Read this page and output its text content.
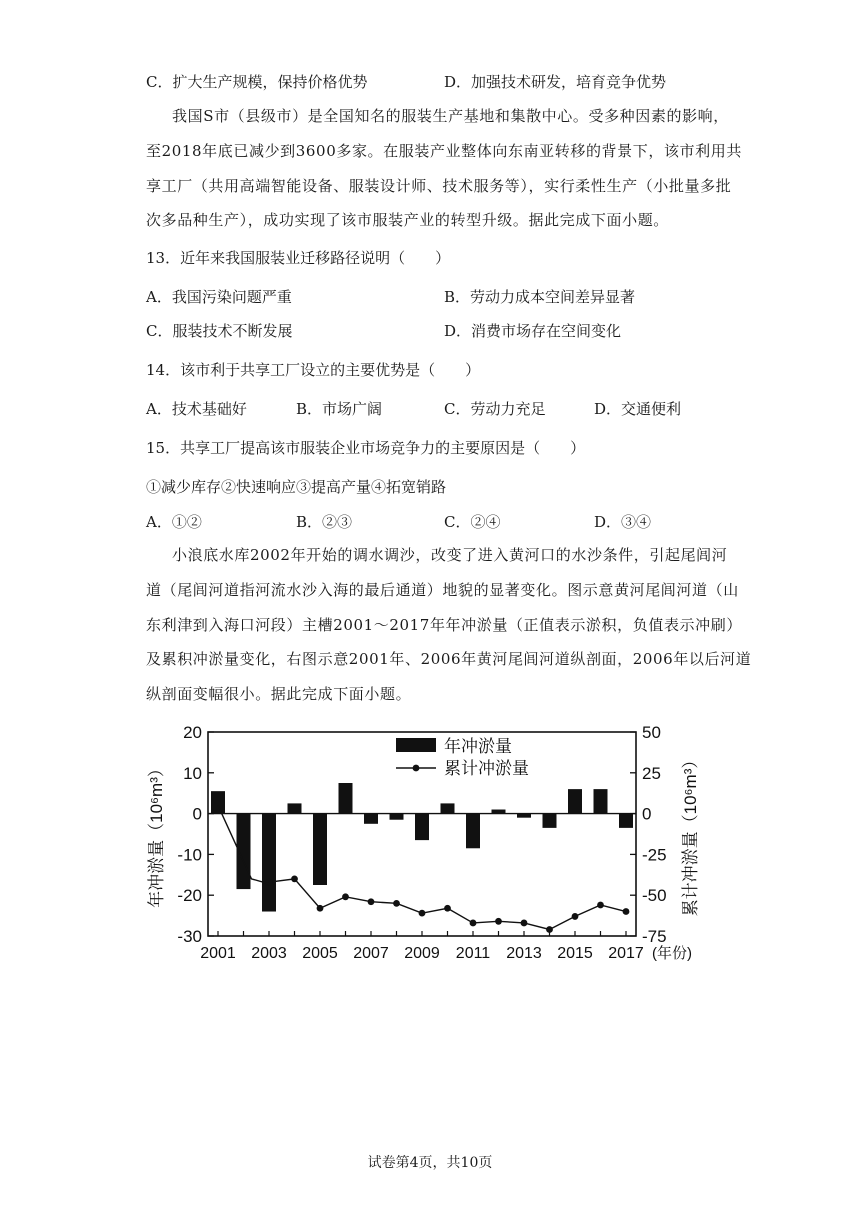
C．扩大生产规模，保持价格优势	D．加强技术研发，培育竞争优势
我国S市（县级市）是全国知名的服装生产基地和集散中心。受多种因素的影响，
至2018年底已减少到3600多家。在服装产业整体向东南亚转移的背景下，该市利用共
享工厂（共用高端智能设备、服装设计师、技术服务等），实行柔性生产（小批量多批
次多品种生产），成功实现了该市服装产业的转型升级。据此完成下面小题。
13．近年来我国服装业迁移路径说明（　　）
A．我国污染问题严重	B．劳动力成本空间差异显著
C．服装技术不断发展	D．消费市场存在空间变化
14．该市利于共享工厂设立的主要优势是（　　）
A．技术基础好	B．市场广阔	C．劳动力充足	D．交通便利
15．共享工厂提高该市服装企业市场竞争力的主要原因是（　　）
①减少库存②快速响应③提高产量④拓宽销路
A．①②	B．②③	C．②④	D．③④
小浪底水库2002年开始的调水调沙，改变了进入黄河口的水沙条件，引起尾闾河
道（尾闾河道指河流水沙入海的最后通道）地貌的显著变化。图示意黄河尾闾河道（山
东利津到入海口河段）主槽2001～2017年年冲淤量（正值表示淤积，负值表示冲刷）
及累积冲淤量变化，右图示意2001年、2006年黄河尾闾河道纵剖面，2006年以后河道
纵剖面变幅很小。据此完成下面小题。
20
10
0
-10
-20
-30
50
25
0
-25
-50
-75
2001 2003 2005 2007 2009 2011 2013 2015 2017 (年份)
年冲淤量（10⁶m³）	累计冲淤量（10⁶m³）
年冲淤量
累计冲淤量
试卷第4页，共10页
